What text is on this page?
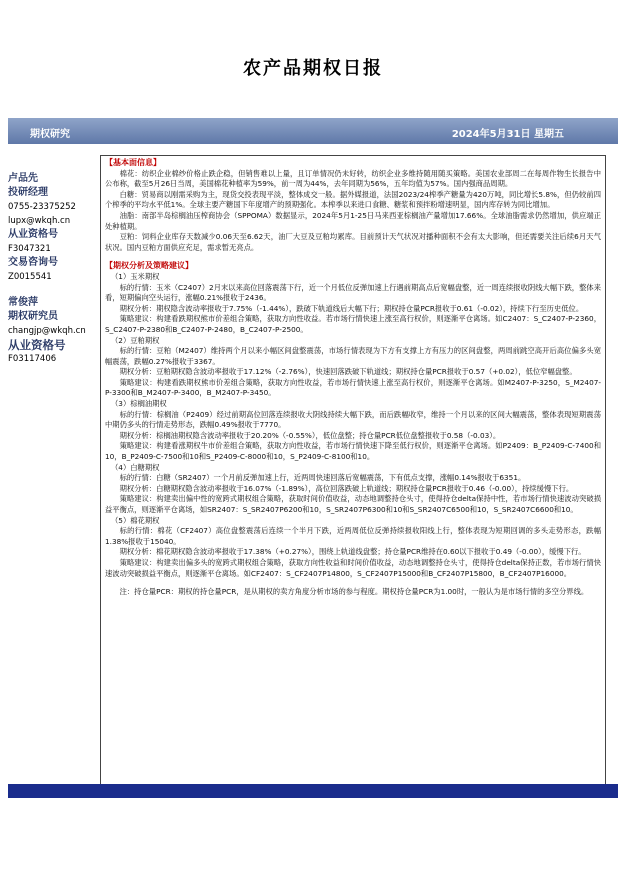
农产品期权日报
期权研究	2024年5月31日 星期五
卢品先
投研经理
0755-23375252
lupx@wkqh.cn
从业资格号
F3047321
交易咨询号
Z0015541
常俊萍
期权研究员
changjp@wkqh.cn
从业资格号
F03117406
【基本面信息】

棉花：纺织企业棉纱价格止跌企稳，但销售难以上量，且订单情况仍未好转，纺织企业多维持随用随买策略。美国农业部周二在每周作物生长报告中公布称，截至5月26日当周，美国棉花种植率为59%，前一周为44%，去年同期为56%，五年均值为57%。国内强商品周期。

白糖：贸易商以刚需采购为主，现货交投表现平淡，整体成交一般。据外媒报道，法国2023/24榨季产糖量为420万吨，同比增长5.8%，但仍较前四个榨季的平均水平低1%。全球主要产糖国下年度增产的预期强化。本榨季以来进口食糖、糖浆和预拌粉增速明显，国内库存转为同比增加。

油脂：南部半岛棕榈油压榨商协会（SPPOMA）数据显示，2024年5月1-25日马来西亚棕榈油产量增加17.66%。全球油脂需求仍然增加，供应端正处种植期。

豆粕：饲料企业库存天数减少0.06天至6.62天，油厂大豆及豆粕均累库。目前预计天气状况对播种面积不会有太大影响，但还需要关注后续6月天气状况。国内豆粕方面供应充足，需求暂无亮点。

【期权分析及策略建议】

（1）玉米期权

标的行情：玉米（C2407）2月末以来高位回落震荡下行，近一个月低位反弹加速上行遇前期高点后宽幅盘整，近一周连续报收阴线大幅下跌，整体来看，短期偏向空头运行，涨幅0.21%报收于2436。

期权分析：期权隐含波动率报收于7.75%（-1.44%），跌破下轨道线后大幅下行；期权持仓量PCR报收于0.61（-0.02），持续下行至历史低位。

策略建议：构建看跌期权熊市价差组合策略，获取方向性收益。若市场行情快速上涨至高行权价，则逐渐平仓离场。如C2407：S_C2407-P-2360，S_C2407-P-2380和B_C2407-P-2480，B_C2407-P-2500。

（2）豆粕期权

标的行情：豆粕（M2407）维持两个月以来小幅区间盘整震荡，市场行情表现为下方有支撑上方有压力的区间盘整，两周前跳空高开后高位偏多头宽幅震荡，跌幅0.27%报收于3367。

期权分析：豆粕期权隐含波动率报收于17.12%（-2.76%），快速回落跌破下轨道线；期权持仓量PCR报收于0.57（+0.02），低位窄幅盘整。

策略建议：构建看跌期权熊市价差组合策略，获取方向性收益，若市场行情快速上涨至高行权价，则逐渐平仓离场。如M2407-P-3250，S_M2407-P-3300和B_M2407-P-3400，B_M2407-P-3450。

（3）棕榈油期权

标的行情：棕榈油（P2409）经过前期高位回落连续报收大阴线持续大幅下跌，而后跌幅收窄，维持一个月以来的区间大幅震荡，整体表现短期震荡中期仍多头的行情走势形态，跌幅0.49%报收于7770。

期权分析：棕榈油期权隐含波动率报收于20.20%（-0.55%），低位盘整；持仓量PCR低位盘整报收于0.58（-0.03）。

策略建议：构建看涨期权牛市价差组合策略，获取方向性收益，若市场行情快速下降至低行权价，则逐渐平仓离场。如P2409：B_P2409-C-7400和10，B_P2409-C-7500和10和S_P2409-C-8000和10，S_P2409-C-8100和10。

（4）白糖期权

标的行情：白糖（SR2407）一个月前反弹加速上行，近两周快速回落后宽幅震荡，下有低点支撑，涨幅0.14%报收于6351。

期权分析：白糖期权隐含波动率报收于16.07%（-1.89%），高位回落跌破上轨道线；期权持仓量PCR报收于0.46（-0.00），持续缓慢下行。

策略建议：构建卖出偏中性的宽跨式期权组合策略，获取时间价值收益，动态地调整持仓头寸，使得持仓delta保持中性，若市场行情快速波动突破损益平衡点，则逐渐平仓离场，如SR2407：S_SR2407P6200和10，S_SR2407P6300和10和S_SR2407C6500和10，S_SR2407C6600和10。

（5）棉花期权

标的行情：棉花（CF2407）高位盘整震荡后连续一个半月下跌，近两周低位反弹持续报收阳线上行，整体表现为短期回调的多头走势形态，跌幅1.38%报收于15040。

期权分析：棉花期权隐含波动率报收于17.38%（+0.27%），围绕上轨道线盘整；持仓量PCR维持在0.60以下报收于0.49（-0.00），缓慢下行。

策略建议：构建卖出偏多头的宽跨式期权组合策略，获取方向性收益和时间价值收益，动态地调整持仓头寸，使得持仓delta保持正数，若市场行情快速波动突破损益平衡点，则逐渐平仓离场。如CF2407：S_CF2407P14800，S_CF2407P15000和B_CF2407P15800，B_CF2407P16000。

注：持仓量PCR：期权的持仓量PCR，是从期权的卖方角度分析市场的参与程度。期权持仓量PCR为1.00时，一般认为是市场行情的多空分界线。
